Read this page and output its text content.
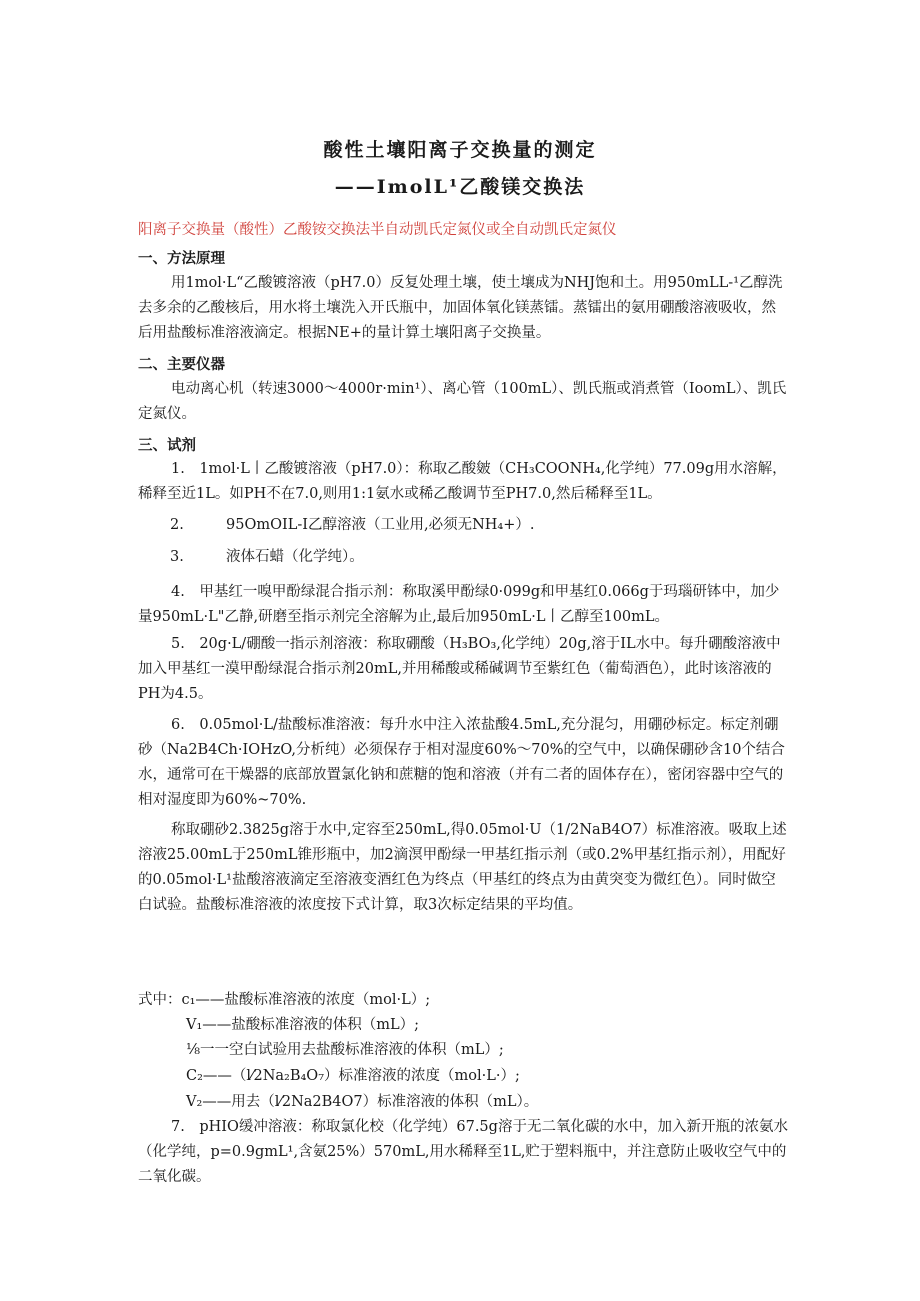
酸性土壤阳离子交换量的测定
——ImolL¹乙酸镁交换法
阳离子交换量（酸性）乙酸铵交换法半自动凯氏定氮仪或全自动凯氏定氮仪
一、方法原理
用1mol·L“乙酸镀溶液（pH7.0）反复处理土壤，使土壤成为NHJ饱和土。用950mLL-¹乙醇洗去多余的乙酸核后，用水将土壤洗入开氏瓶中，加固体氧化镁蒸镭。蒸镭出的氨用硼酸溶液吸收，然后用盐酸标准溶液滴定。根据NE+的量计算土壤阳离子交换量。
二、主要仪器
电动离心机（转速3000～4000r·min¹）、离心管（100mL）、凯氏瓶或消煮管（IoomL）、凯氏定氮仪。
三、试剂
1.　1mol·L丨乙酸镀溶液（pH7.0）：称取乙酸皴（CH₃COONH₄,化学纯）77.09g用水溶解，稀释至近1L。如PH不在7.0,则用1:1氨水或稀乙酸调节至PH7.0,然后稀释至1L。
2.	95OmOIL-I乙醇溶液（工业用,必须无NH₄+）.
3.	液体石蜡（化学纯）。
4.　甲基红一嗅甲酚绿混合指示剂：称取溪甲酚绿0·099g和甲基红0.066g于玛瑙研钵中，加少量950mL·L"乙静,研磨至指示剂完全溶解为止,最后加950mL·L丨乙醇至100mL。
5.　20g·L/硼酸一指示剂溶液：称取硼酸（H₃BO₃,化学纯）20g,溶于IL水中。每升硼酸溶液中加入甲基红一漠甲酚绿混合指示剂20mL,并用稀酸或稀碱调节至紫红色（葡萄酒色），此时该溶液的PH为4.5。
6.　0.05mol·L/盐酸标准溶液：每升水中注入浓盐酸4.5mL,充分混匀，用硼砂标定。标定剂硼砂（Na2B4Ch·IOHzO,分析纯）必须保存于相对湿度60%～70%的空气中，以确保硼砂含10个结合水，通常可在干燥器的底部放置氯化钠和蔗糖的饱和溶液（并有二者的固体存在），密闭容器中空气的相对湿度即为60%~70%.
称取硼砂2.3825g溶于水中,定容至250mL,得0.05mol·U（1/2NaB4O7）标准溶液。吸取上述溶液25.00mL于250mL锥形瓶中，加2滴溟甲酚绿一甲基红指示剂（或0.2%甲基红指示剂），用配好的0.05mol·L¹盐酸溶液滴定至溶液变酒红色为终点（甲基红的终点为由黄突变为微红色）。同时做空白试验。盐酸标准溶液的浓度按下式计算，取3次标定结果的平均值。
式中：c₁——盐酸标准溶液的浓度（mol·L）;
V₁——盐酸标准溶液的体积（mL）;
⅛一一空白试验用去盐酸标准溶液的体积（mL）;
C₂——（l⁄2Na₂B₄O₇）标准溶液的浓度（mol·L·）;
V₂——用去（l⁄2Na2B4O7）标准溶液的体积（mL）。
7.　pHIO缓冲溶液：称取氯化校（化学纯）67.5g溶于无二氧化碳的水中，加入新开瓶的浓氨水（化学纯，p=0.9gmL¹,含氨25%）570mL,用水稀释至1L,贮于塑料瓶中，并注意防止吸收空气中的二氧化碳。
